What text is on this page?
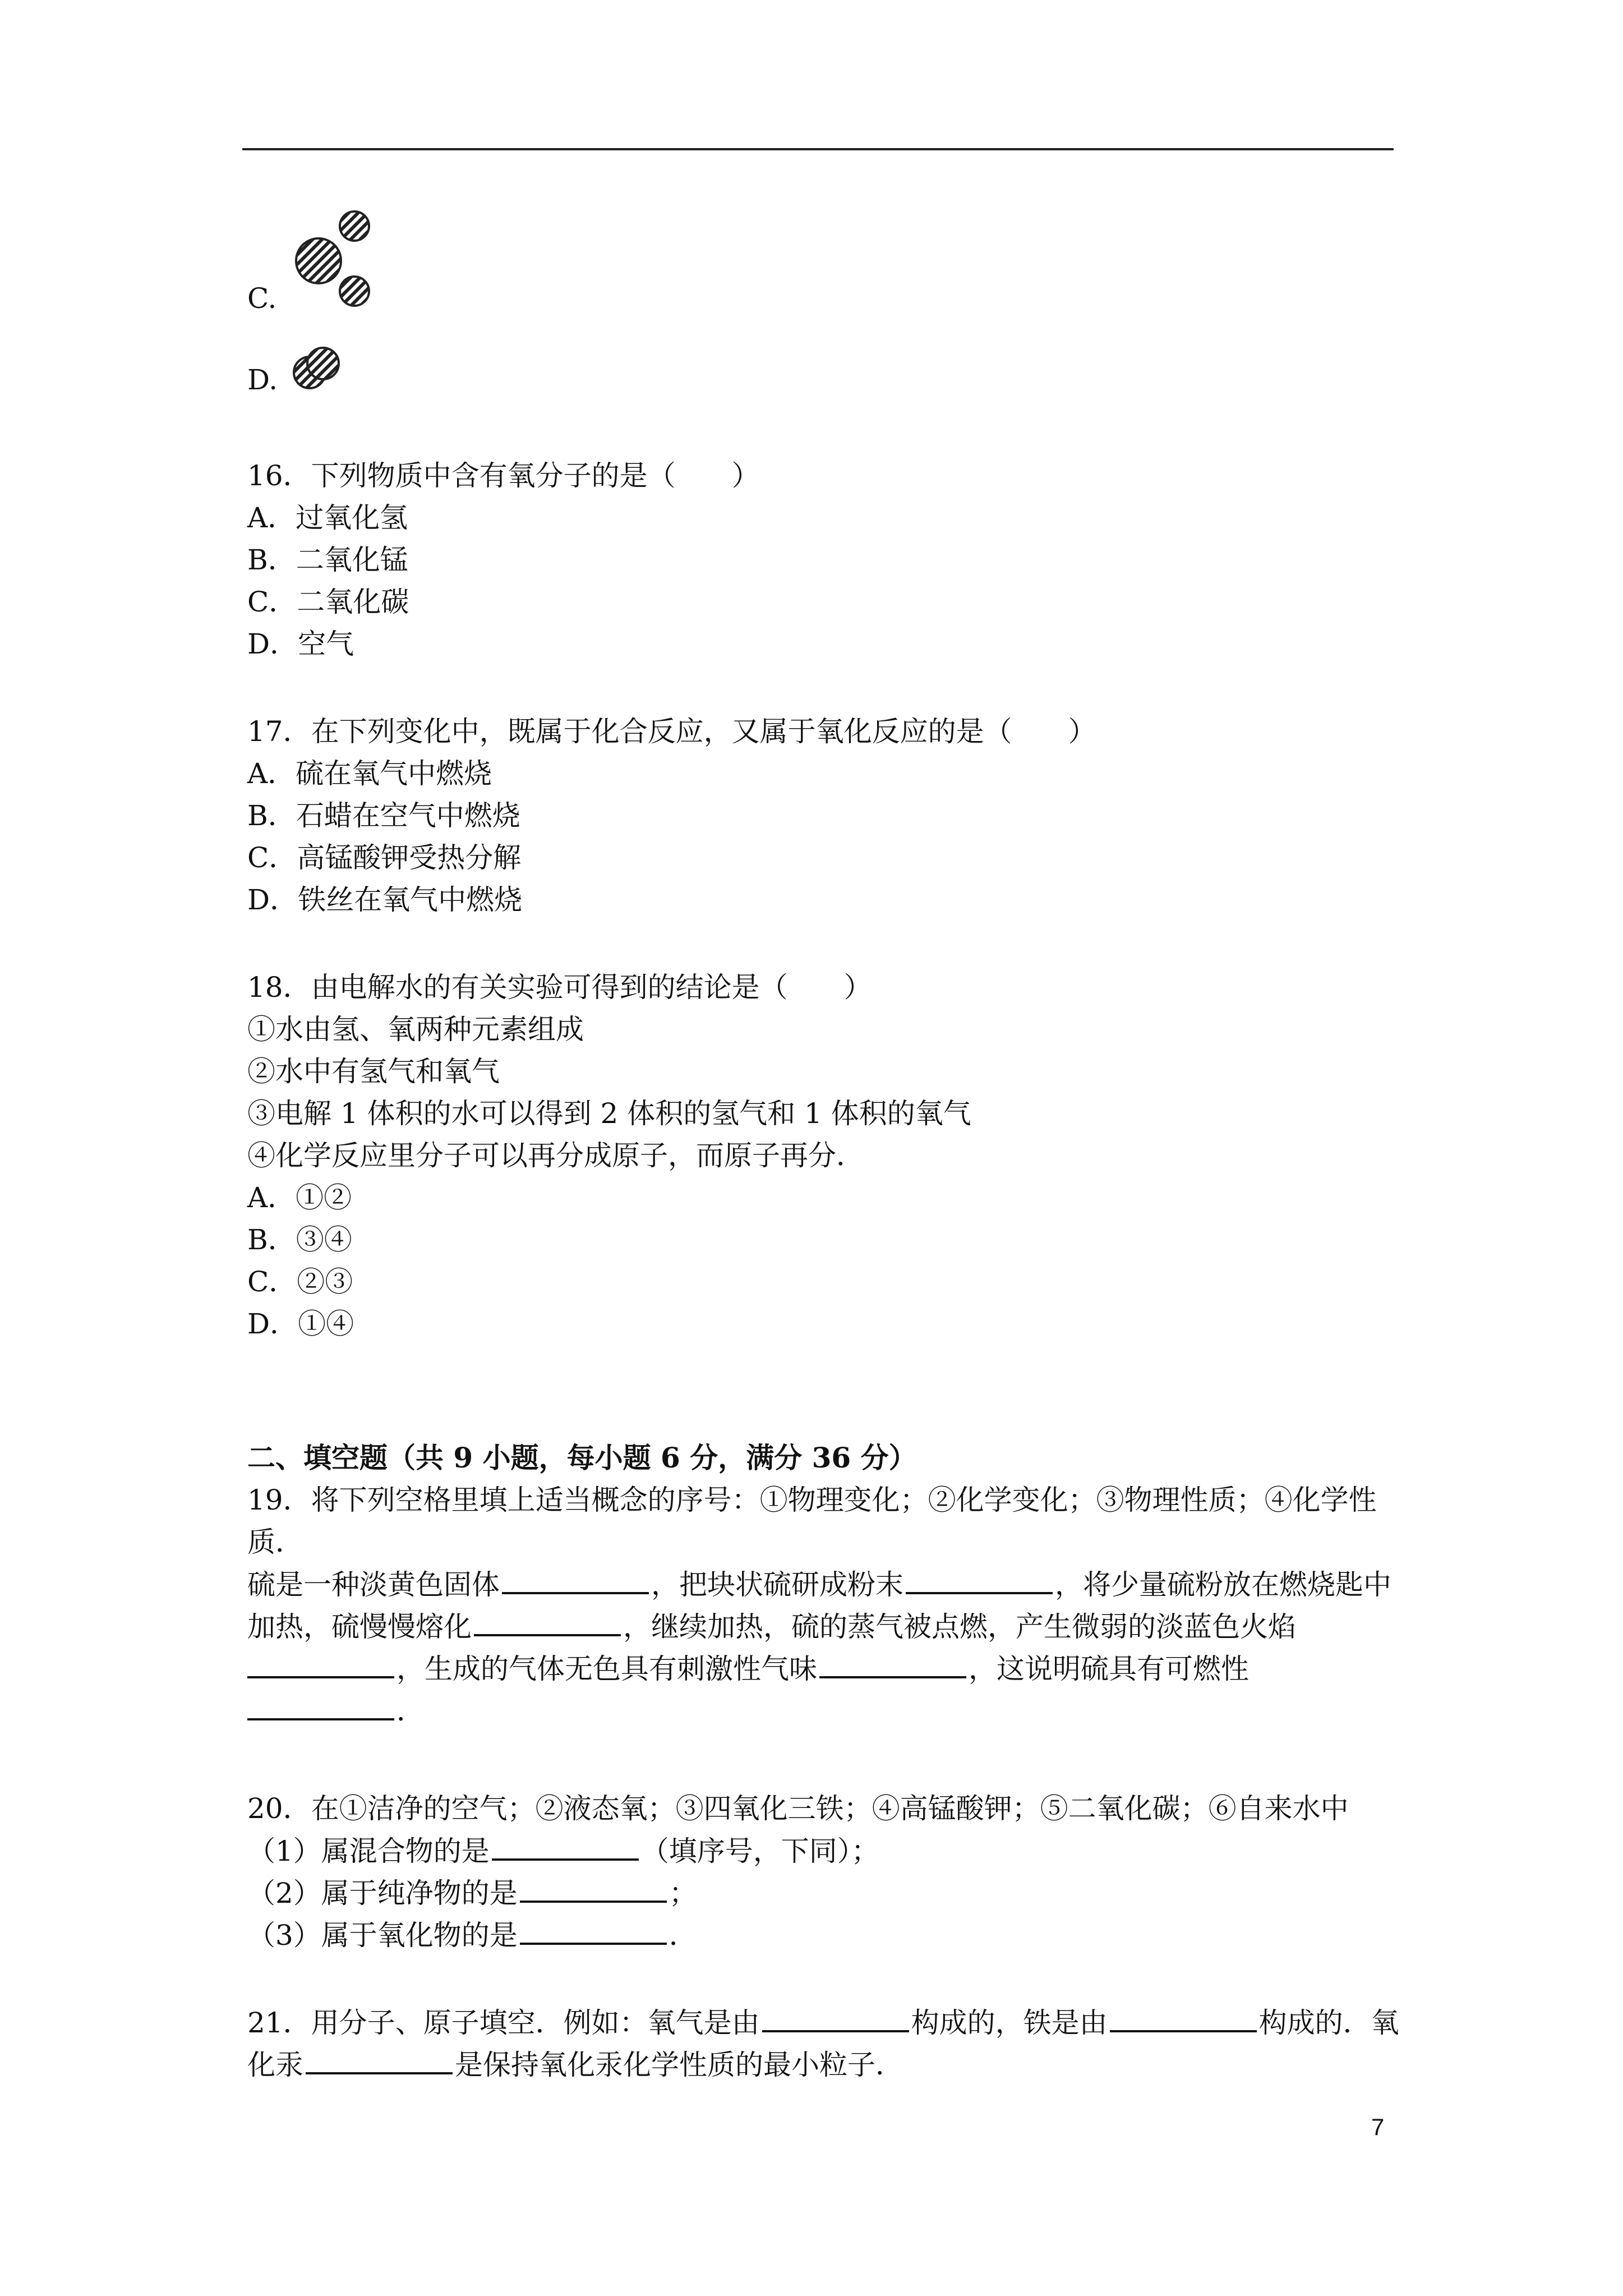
C.
D.
16．下列物质中含有氧分子的是（　　）
A．过氧化氢
B．二氧化锰
C．二氧化碳
D．空气
17．在下列变化中，既属于化合反应，又属于氧化反应的是（　　）
A．硫在氧气中燃烧
B．石蜡在空气中燃烧
C．高锰酸钾受热分解
D．铁丝在氧气中燃烧
18．由电解水的有关实验可得到的结论是（　　）
①水由氢、氧两种元素组成
②水中有氢气和氧气
③电解 1 体积的水可以得到 2 体积的氢气和 1 体积的氧气
④化学反应里分子可以再分成原子，而原子再分．
A．①②
B．③④
C．②③
D．①④
二、填空题（共 9 小题，每小题 6 分，满分 36 分）
19．将下列空格里填上适当概念的序号：①物理变化；②化学变化；③物理性质；④化学性
质．
硫是一种淡黄色固体	，把块状硫研成粉末	，将少量硫粉放在燃烧匙中
加热，硫慢慢熔化	，继续加热，硫的蒸气被点燃，产生微弱的淡蓝色火焰
，生成的气体无色具有刺激性气味	，这说明硫具有可燃性
．
20．在①洁净的空气；②液态氧；③四氧化三铁；④高锰酸钾；⑤二氧化碳；⑥自来水中
（1）属混合物的是	（填序号，下同）；
（2）属于纯净物的是	；
（3）属于氧化物的是	．
21．用分子、原子填空．例如：氧气是由	构成的，铁是由	构成的．氧
化汞	是保持氧化汞化学性质的最小粒子．
7
